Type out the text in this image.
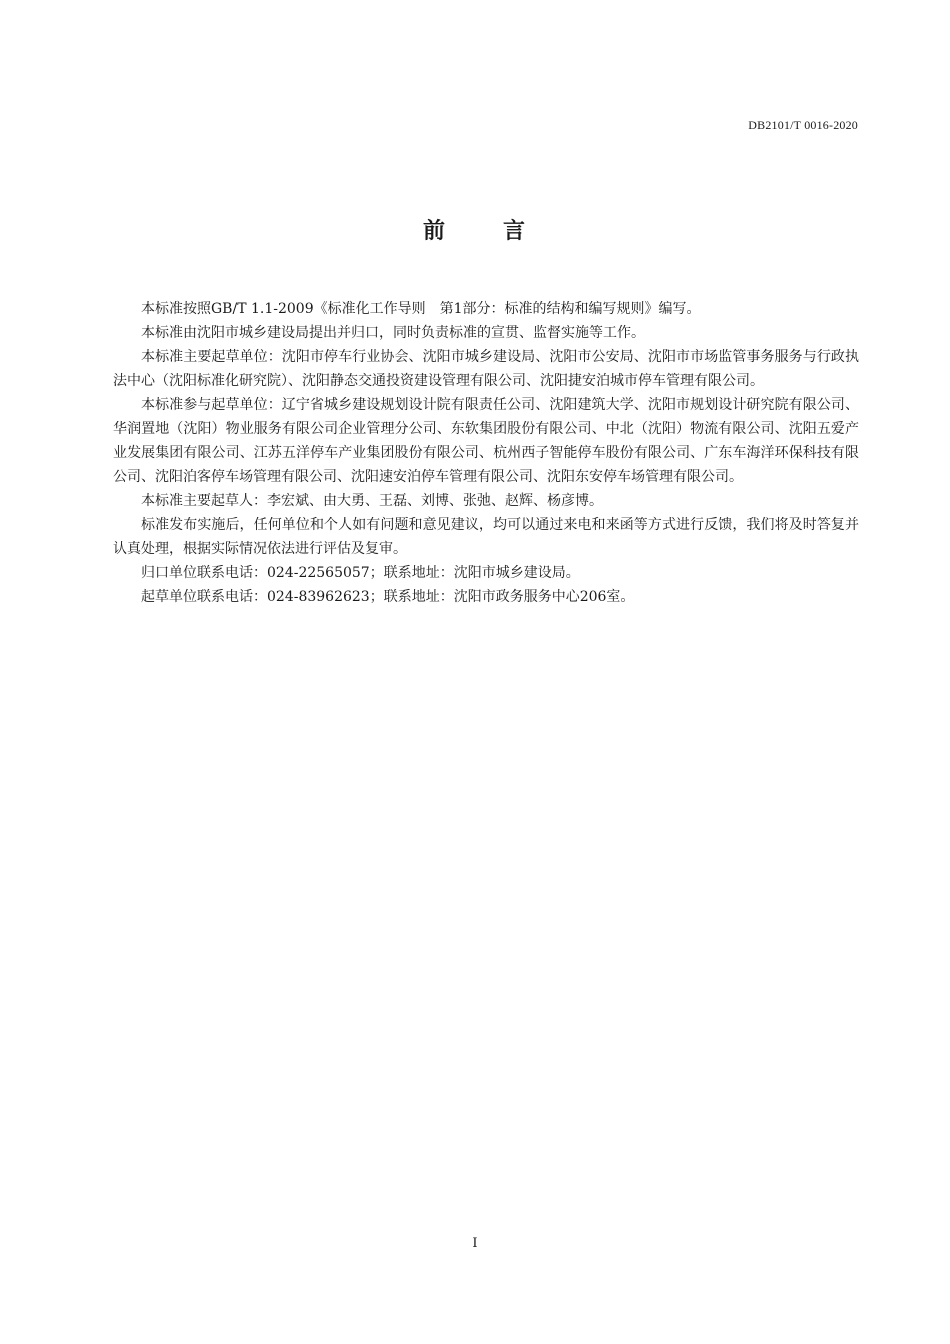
DB2101/T 0016-2020
前	言

本标准按照GB/T 1.1-2009《标准化工作导则　第1部分：标准的结构和编写规则》编写。

本标准由沈阳市城乡建设局提出并归口，同时负责标准的宣贯、监督实施等工作。

本标准主要起草单位：沈阳市停车行业协会、沈阳市城乡建设局、沈阳市公安局、沈阳市市场监管事务服务与行政执法中心（沈阳标准化研究院）、沈阳静态交通投资建设管理有限公司、沈阳捷安泊城市停车管理有限公司。

本标准参与起草单位：辽宁省城乡建设规划设计院有限责任公司、沈阳建筑大学、沈阳市规划设计研究院有限公司、华润置地（沈阳）物业服务有限公司企业管理分公司、东软集团股份有限公司、中北（沈阳）物流有限公司、沈阳五爱产业发展集团有限公司、江苏五洋停车产业集团股份有限公司、杭州西子智能停车股份有限公司、广东车海洋环保科技有限公司、沈阳泊客停车场管理有限公司、沈阳速安泊停车管理有限公司、沈阳东安停车场管理有限公司。

本标准主要起草人：李宏斌、由大勇、王磊、刘博、张弛、赵辉、杨彦博。

标准发布实施后，任何单位和个人如有问题和意见建议，均可以通过来电和来函等方式进行反馈，我们将及时答复并认真处理，根据实际情况依法进行评估及复审。

归口单位联系电话：024-22565057；联系地址：沈阳市城乡建设局。

起草单位联系电话：024-83962623；联系地址：沈阳市政务服务中心206室。

I
